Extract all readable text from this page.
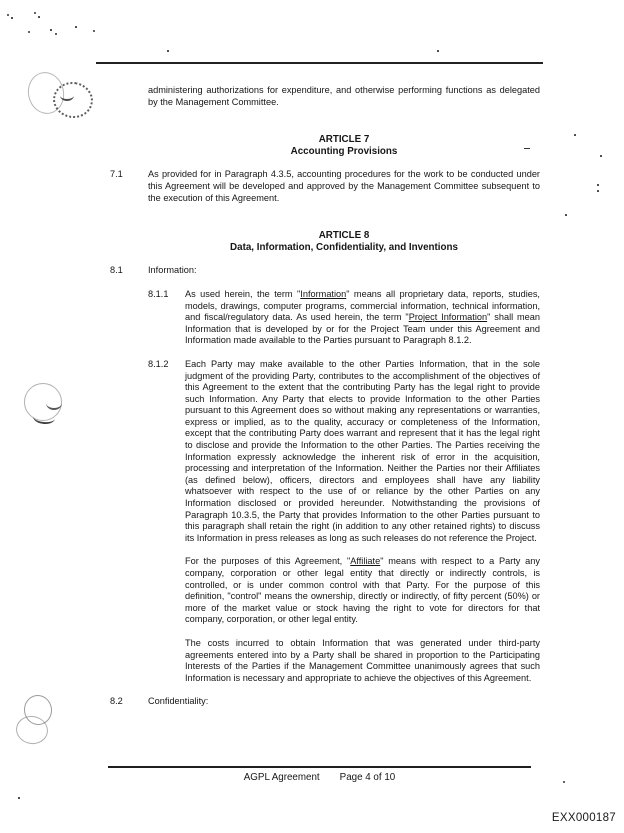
administering authorizations for expenditure, and otherwise performing functions as delegated by the Management Committee.
ARTICLE 7
Accounting Provisions
7.1	As provided for in Paragraph 4.3.5, accounting procedures for the work to be conducted under this Agreement will be developed and approved by the Management Committee subsequent to the execution of this Agreement.
ARTICLE 8
Data, Information, Confidentiality, and Inventions
8.1	Information:
8.1.1	As used herein, the term "Information" means all proprietary data, reports, studies, models, drawings, computer programs, commercial information, technical information, and fiscal/regulatory data. As used herein, the term "Project Information" shall mean Information that is developed by or for the Project Team under this Agreement and Information made available to the Parties pursuant to Paragraph 8.1.2.
8.1.2	Each Party may make available to the other Parties Information, that in the sole judgment of the providing Party, contributes to the accomplishment of the objectives of this Agreement to the extent that the contributing Party has the legal right to provide such Information. Any Party that elects to provide Information to the other Parties pursuant to this Agreement does so without making any representations or warranties, express or implied, as to the quality, accuracy or completeness of the Information, except that the contributing Party does warrant and represent that it has the legal right to disclose and provide the Information to the other Parties. The Parties receiving the Information expressly acknowledge the inherent risk of error in the acquisition, processing and interpretation of the Information. Neither the Parties nor their Affiliates (as defined below), officers, directors and employees shall have any liability whatsoever with respect to the use of or reliance by the other Parties on any Information disclosed or provided hereunder. Notwithstanding the provisions of Paragraph 10.3.5, the Party that provides Information to the other Parties pursuant to this paragraph shall retain the right (in addition to any other retained rights) to discuss its Information in press releases as long as such releases do not reference the Project.
For the purposes of this Agreement, "Affiliate" means with respect to a Party any company, corporation or other legal entity that directly or indirectly controls, is controlled, or is under common control with that Party. For the purpose of this definition, "control" means the ownership, directly or indirectly, of fifty percent (50%) or more of the market value or stock having the right to vote for directors for that company, corporation, or other legal entity.
The costs incurred to obtain Information that was generated under third-party agreements entered into by a Party shall be shared in proportion to the Participating Interests of the Parties if the Management Committee unanimously agrees that such Information is necessary and appropriate to achieve the objectives of this Agreement.
8.2	Confidentiality:
AGPL Agreement Page 4 of 10
EXX000187
